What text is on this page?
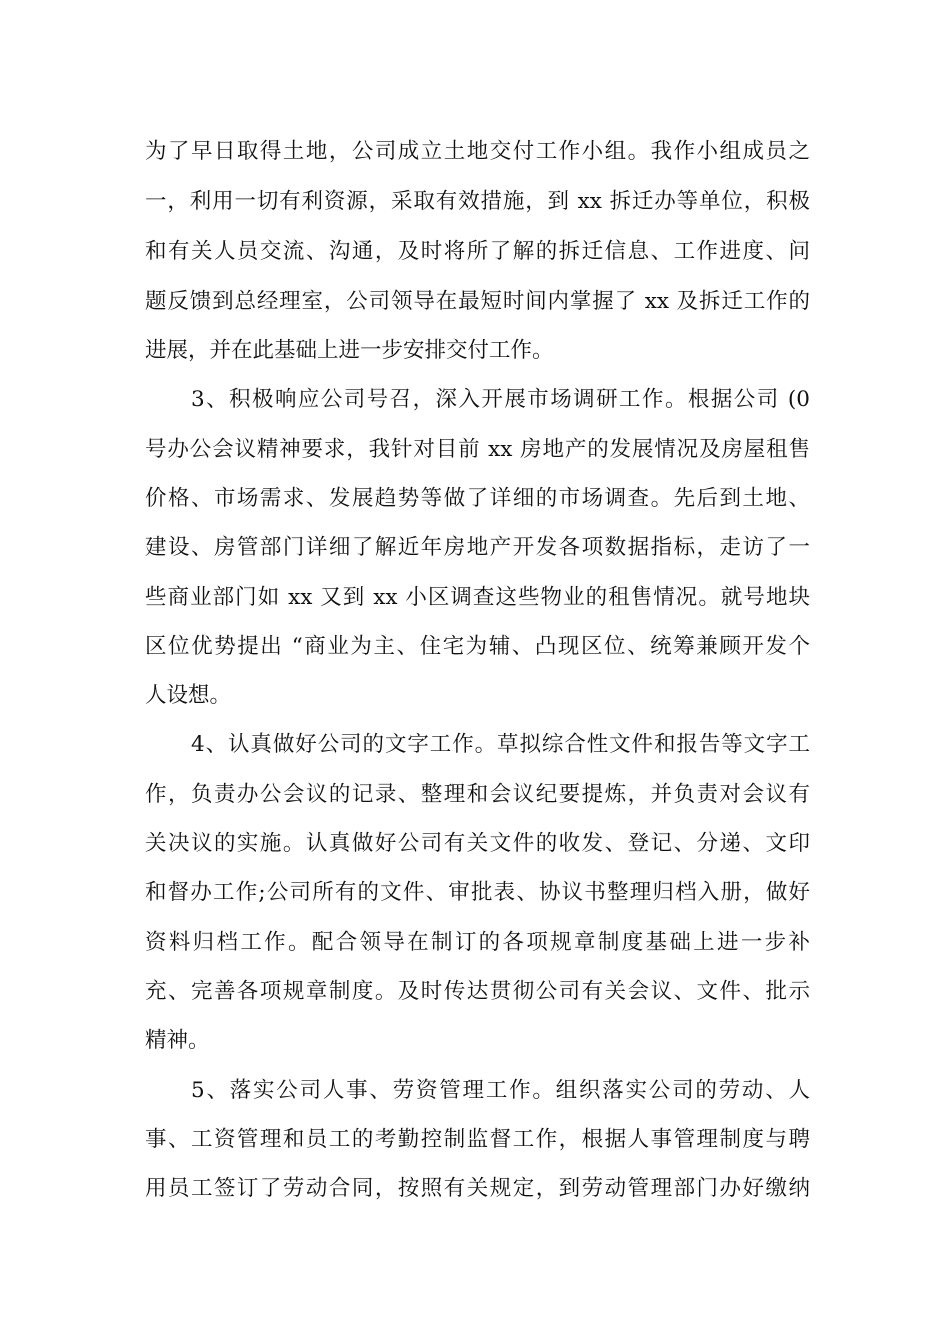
为了早日取得土地，公司成立土地交付工作小组。我作小组成员之
一，利用一切有利资源，采取有效措施，到 xx 拆迁办等单位，积极
和有关人员交流、沟通，及时将所了解的拆迁信息、工作进度、问
题反馈到总经理室，公司领导在最短时间内掌握了 xx 及拆迁工作的
进展，并在此基础上进一步安排交付工作。
3、积极响应公司号召，深入开展市场调研工作。根据公司 (0
号办公会议精神要求，我针对目前 xx 房地产的发展情况及房屋租售
价格、市场需求、发展趋势等做了详细的市场调查。先后到土地、
建设、房管部门详细了解近年房地产开发各项数据指标，走访了一
些商业部门如 xx 又到 xx 小区调查这些物业的租售情况。就号地块
区位优势提出 “商业为主、住宅为辅、凸现区位、统筹兼顾开发个
人设想。
4、认真做好公司的文字工作。草拟综合性文件和报告等文字工
作，负责办公会议的记录、整理和会议纪要提炼，并负责对会议有
关决议的实施。认真做好公司有关文件的收发、登记、分递、文印
和督办工作;公司所有的文件、审批表、协议书整理归档入册，做好
资料归档工作。配合领导在制订的各项规章制度基础上进一步补
充、完善各项规章制度。及时传达贯彻公司有关会议、文件、批示
精神。
5、落实公司人事、劳资管理工作。组织落实公司的劳动、人
事、工资管理和员工的考勤控制监督工作，根据人事管理制度与聘
用员工签订了劳动合同，按照有关规定，到劳动管理部门办好缴纳
